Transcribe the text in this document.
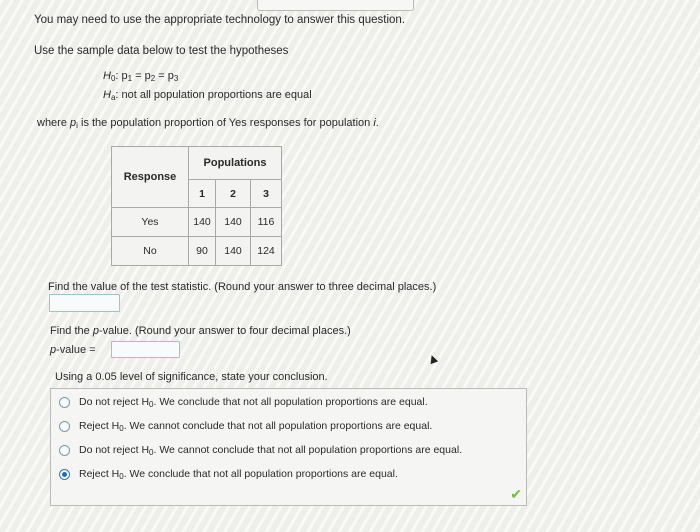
You may need to use the appropriate technology to answer this question.
Use the sample data below to test the hypotheses
$H_0$: $p_1 = p_2 = p_3$
$H_a$: not all population proportions are equal
where $p_i$ is the population proportion of Yes responses for population i.
Response	Populations		
	1	2	3
Yes	140	140	116
No	90	140	124
Find the value of the test statistic. (Round your answer to three decimal places.)
Find the p-value. (Round your answer to four decimal places.)
p-value =
Using a 0.05 level of significance, state your conclusion.
Do not reject $H_0$. We conclude that not all population proportions are equal.
Reject $H_0$. We cannot conclude that not all population proportions are equal.
Do not reject $H_0$. We cannot conclude that not all population proportions are equal.
Reject $H_0$. We conclude that not all population proportions are equal.
✔
